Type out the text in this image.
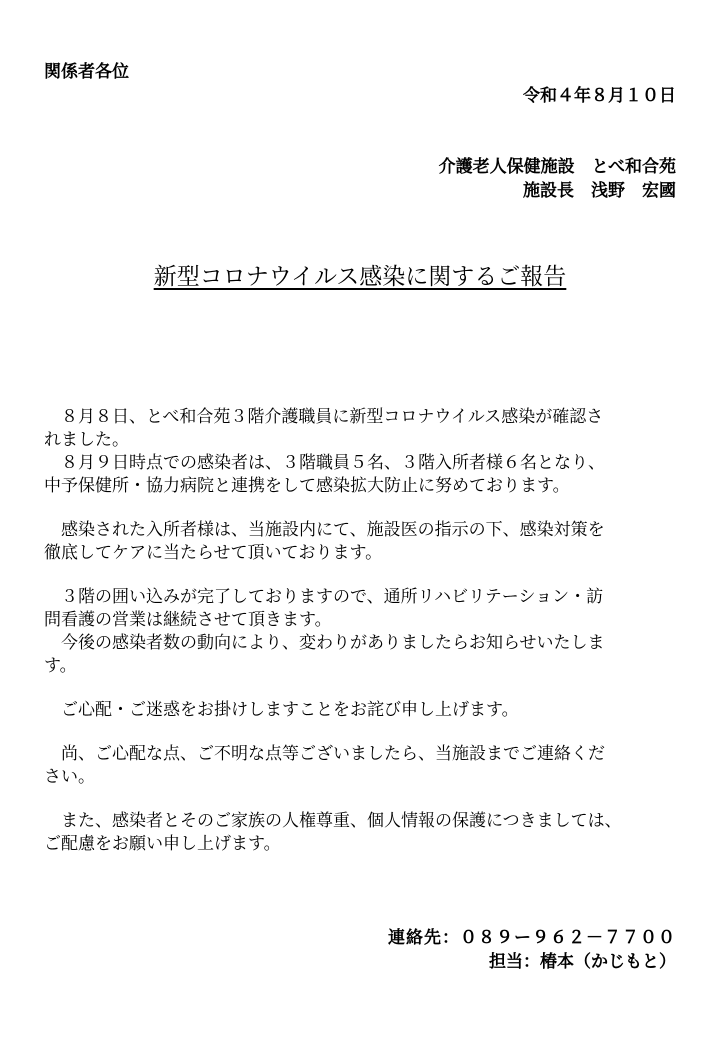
関係者各位
令和４年８月１０日
介護老人保健施設　とべ和合苑
施設長　浅野　宏國
新型コロナウイルス感染に関するご報告
８月８日、とべ和合苑３階介護職員に新型コロナウイルス感染が確認さ
れました。
８月９日時点での感染者は、３階職員５名、３階入所者様６名となり、
中予保健所・協力病院と連携をして感染拡大防止に努めております。
感染された入所者様は、当施設内にて、施設医の指示の下、感染対策を
徹底してケアに当たらせて頂いております。
３階の囲い込みが完了しておりますので、通所リハビリテーション・訪
問看護の営業は継続させて頂きます。
今後の感染者数の動向により、変わりがありましたらお知らせいたしま
す。
ご心配・ご迷惑をお掛けしますことをお詫び申し上げます。
尚、ご心配な点、ご不明な点等ございましたら、当施設までご連絡くだ
さい。
また、感染者とそのご家族の人権尊重、個人情報の保護につきましては、
ご配慮をお願い申し上げます。
連絡先：０８９ー９６２－７７００
担当：椿本（かじもと）
